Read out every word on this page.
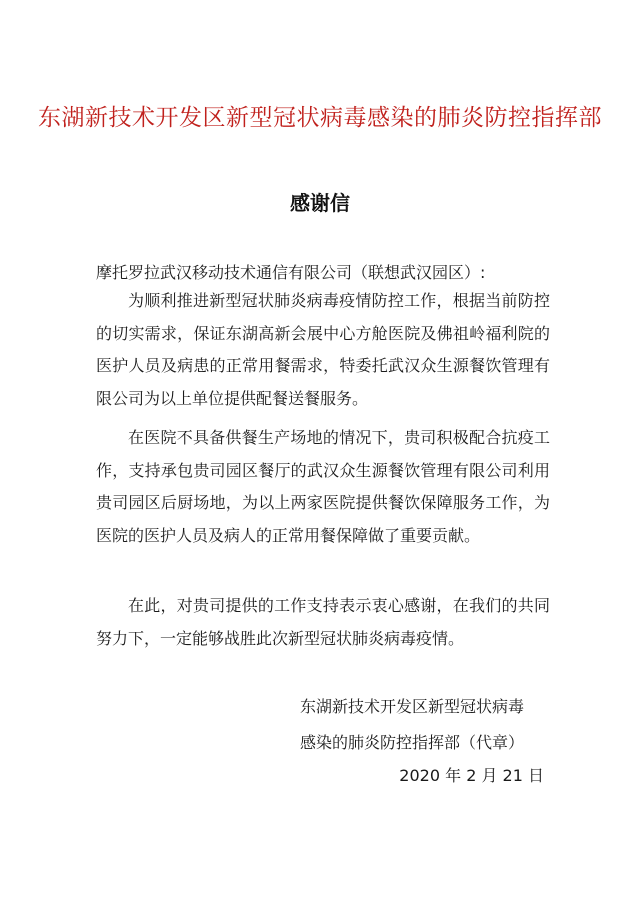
东湖新技术开发区新型冠状病毒感染的肺炎防控指挥部
感谢信
摩托罗拉武汉移动技术通信有限公司（联想武汉园区）:

为顺利推进新型冠状肺炎病毒疫情防控工作，根据当前防控的切实需求，保证东湖高新会展中心方舱医院及佛祖岭福利院的医护人员及病患的正常用餐需求，特委托武汉众生源餐饮管理有限公司为以上单位提供配餐送餐服务。

在医院不具备供餐生产场地的情况下，贵司积极配合抗疫工作，支持承包贵司园区餐厅的武汉众生源餐饮管理有限公司利用贵司园区后厨场地，为以上两家医院提供餐饮保障服务工作，为医院的医护人员及病人的正常用餐保障做了重要贡献。

在此，对贵司提供的工作支持表示衷心感谢，在我们的共同努力下，一定能够战胜此次新型冠状肺炎病毒疫情。

东湖新技术开发区新型冠状病毒
感染的肺炎防控指挥部（代章）
2020 年 2 月 21 日
